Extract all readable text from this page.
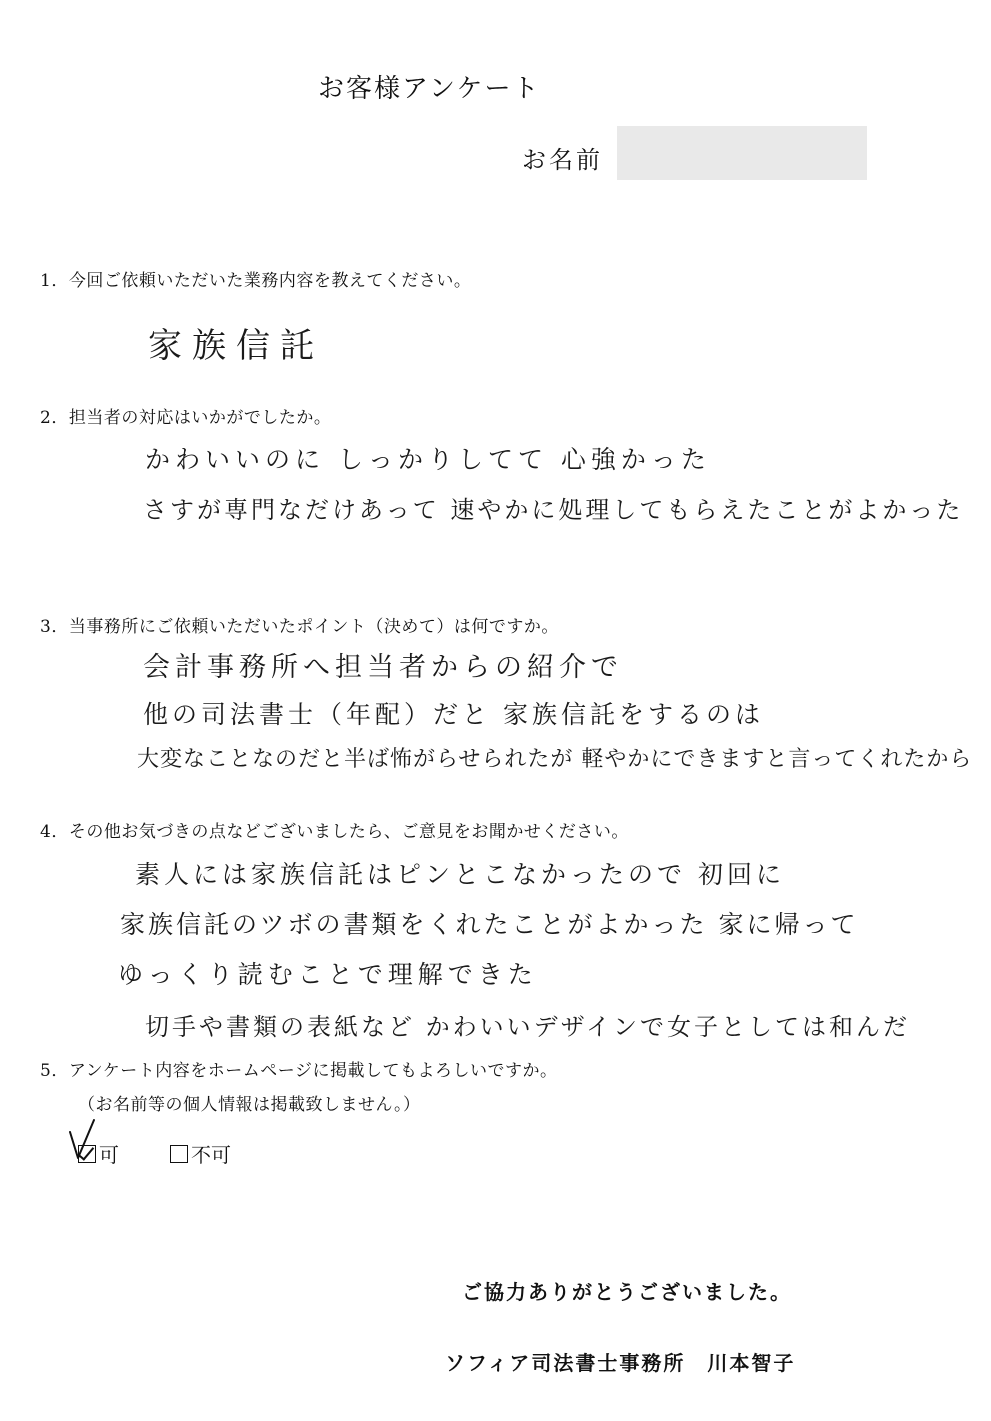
お客様アンケート
お名前
1．今回ご依頼いただいた業務内容を教えてください。
家族信託
2．担当者の対応はいかがでしたか。
かわいいのに しっかりしてて 心強かった
さすが専門なだけあって 速やかに処理してもらえたことがよかった
3．当事務所にご依頼いただいたポイント（決めて）は何ですか。
会計事務所へ担当者からの紹介で
他の司法書士（年配）だと 家族信託をするのは
大変なことなのだと半ば怖がらせられたが 軽やかにできますと言ってくれたから
4．その他お気づきの点などございましたら、ご意見をお聞かせください。
素人には家族信託はピンとこなかったので 初回に
家族信託のツボの書類をくれたことがよかった 家に帰って
ゆっくり読むことで理解できた
切手や書類の表紙など かわいいデザインで女子としては和んだ
5．アンケート内容をホームページに掲載してもよろしいですか。
（お名前等の個人情報は掲載致しません。）
可	不可
ご協力ありがとうございました。
ソフィア司法書士事務所　川本智子
